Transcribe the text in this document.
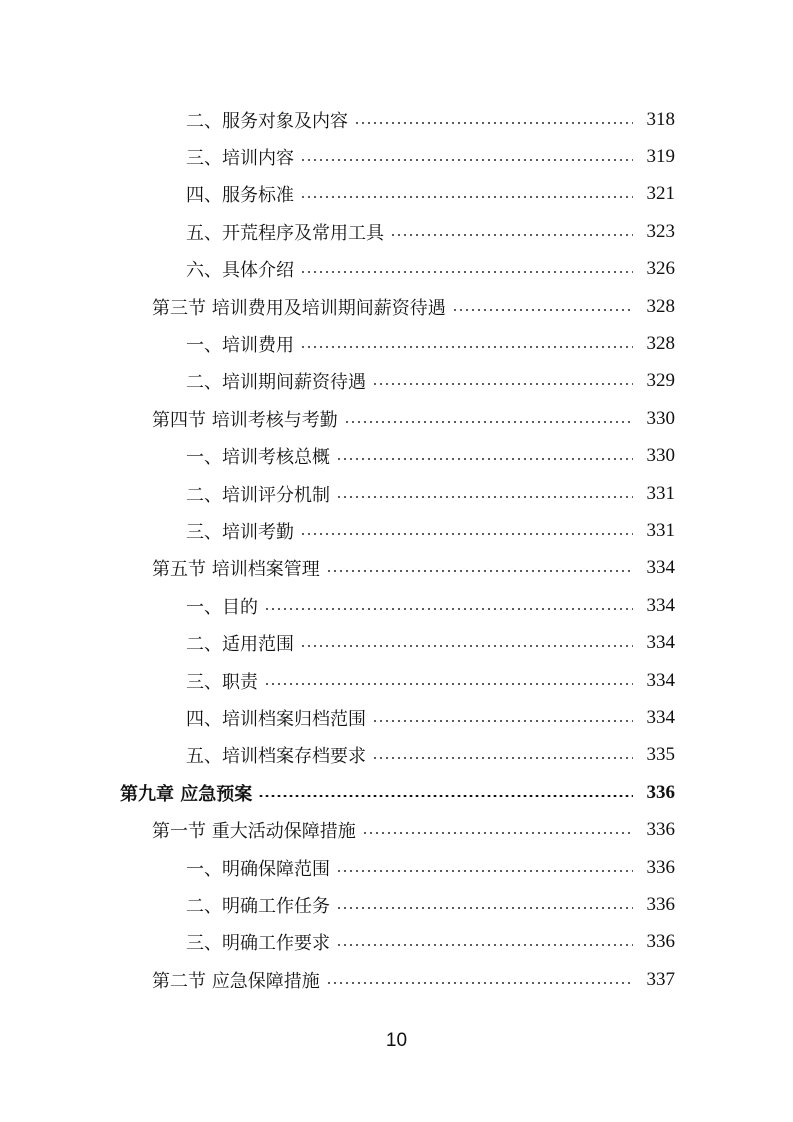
二、服务对象及内容	318
三、培训内容	319
四、服务标准	321
五、开荒程序及常用工具	323
六、具体介绍	326
第三节 培训费用及培训期间薪资待遇	328
一、培训费用	328
二、培训期间薪资待遇	329
第四节 培训考核与考勤	330
一、培训考核总概	330
二、培训评分机制	331
三、培训考勤	331
第五节 培训档案管理	334
一、目的	334
二、适用范围	334
三、职责	334
四、培训档案归档范围	334
五、培训档案存档要求	335
第九章 应急预案	336
第一节 重大活动保障措施	336
一、明确保障范围	336
二、明确工作任务	336
三、明确工作要求	336
第二节 应急保障措施	337
10
